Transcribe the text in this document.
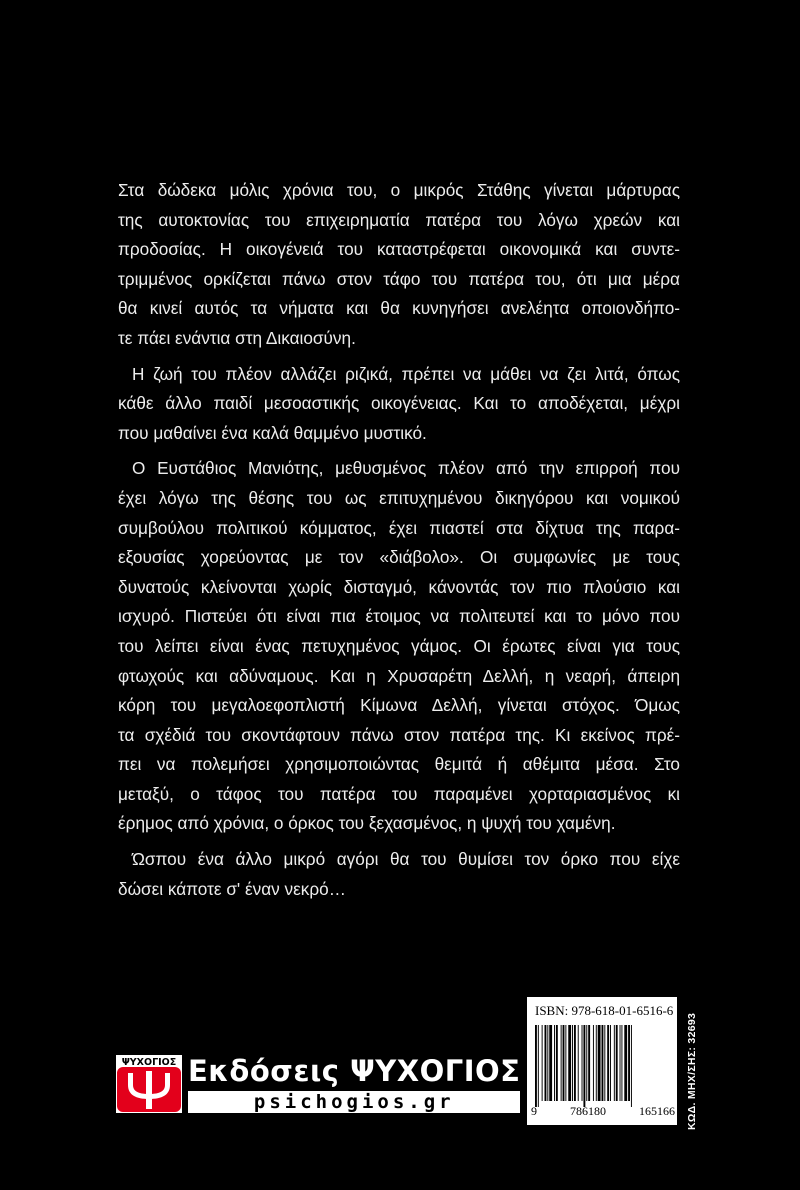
Στα δώδεκα μόλις χρόνια του, ο μικρός Στάθης γίνεται μάρτυρας
της αυτοκτονίας του επιχειρηματία πατέρα του λόγω χρεών και
προδοσίας. Η οικογένειά του καταστρέφεται οικονομικά και συντε-
τριμμένος ορκίζεται πάνω στον τάφο του πατέρα του, ότι μια μέρα
θα κινεί αυτός τα νήματα και θα κυνηγήσει ανελέητα οποιονδήπο-
τε πάει ενάντια στη Δικαιοσύνη.
Η ζωή του πλέον αλλάζει ριζικά, πρέπει να μάθει να ζει λιτά, όπως
κάθε άλλο παιδί μεσοαστικής οικογένειας. Και το αποδέχεται, μέχρι
που μαθαίνει ένα καλά θαμμένο μυστικό.
Ο Ευστάθιος Μανιότης, μεθυσμένος πλέον από την επιρροή που
έχει λόγω της θέσης του ως επιτυχημένου δικηγόρου και νομικού
συμβούλου πολιτικού κόμματος, έχει πιαστεί στα δίχτυα της παρα-
εξουσίας χορεύοντας με τον «διάβολο». Οι συμφωνίες με τους
δυνατούς κλείνονται χωρίς δισταγμό, κάνοντάς τον πιο πλούσιο και
ισχυρό. Πιστεύει ότι είναι πια έτοιμος να πολιτευτεί και το μόνο που
του λείπει είναι ένας πετυχημένος γάμος. Οι έρωτες είναι για τους
φτωχούς και αδύναμους. Και η Χρυσαρέτη Δελλή, η νεαρή, άπειρη
κόρη του μεγαλοεφοπλιστή Κίμωνα Δελλή, γίνεται στόχος. Όμως
τα σχέδιά του σκοντάφτουν πάνω στον πατέρα της. Κι εκείνος πρέ-
πει να πολεμήσει χρησιμοποιώντας θεμιτά ή αθέμιτα μέσα. Στο
μεταξύ, ο τάφος του πατέρα του παραμένει χορταριασμένος κι
έρημος από χρόνια, ο όρκος του ξεχασμένος, η ψυχή του χαμένη.
Ώσπου ένα άλλο μικρό αγόρι θα του θυμίσει τον όρκο που είχε
δώσει κάποτε σ' έναν νεκρό…
ΨΥΧΟΓΙΟΣ Εκδόσεις ΨΥΧΟΓΙΟΣ
psichogios.gr
ISBN: 978-618-01-6516-6
9	786180	165166 ΚΩΔ. ΜΗΧ/ΣΗΣ: 32693
